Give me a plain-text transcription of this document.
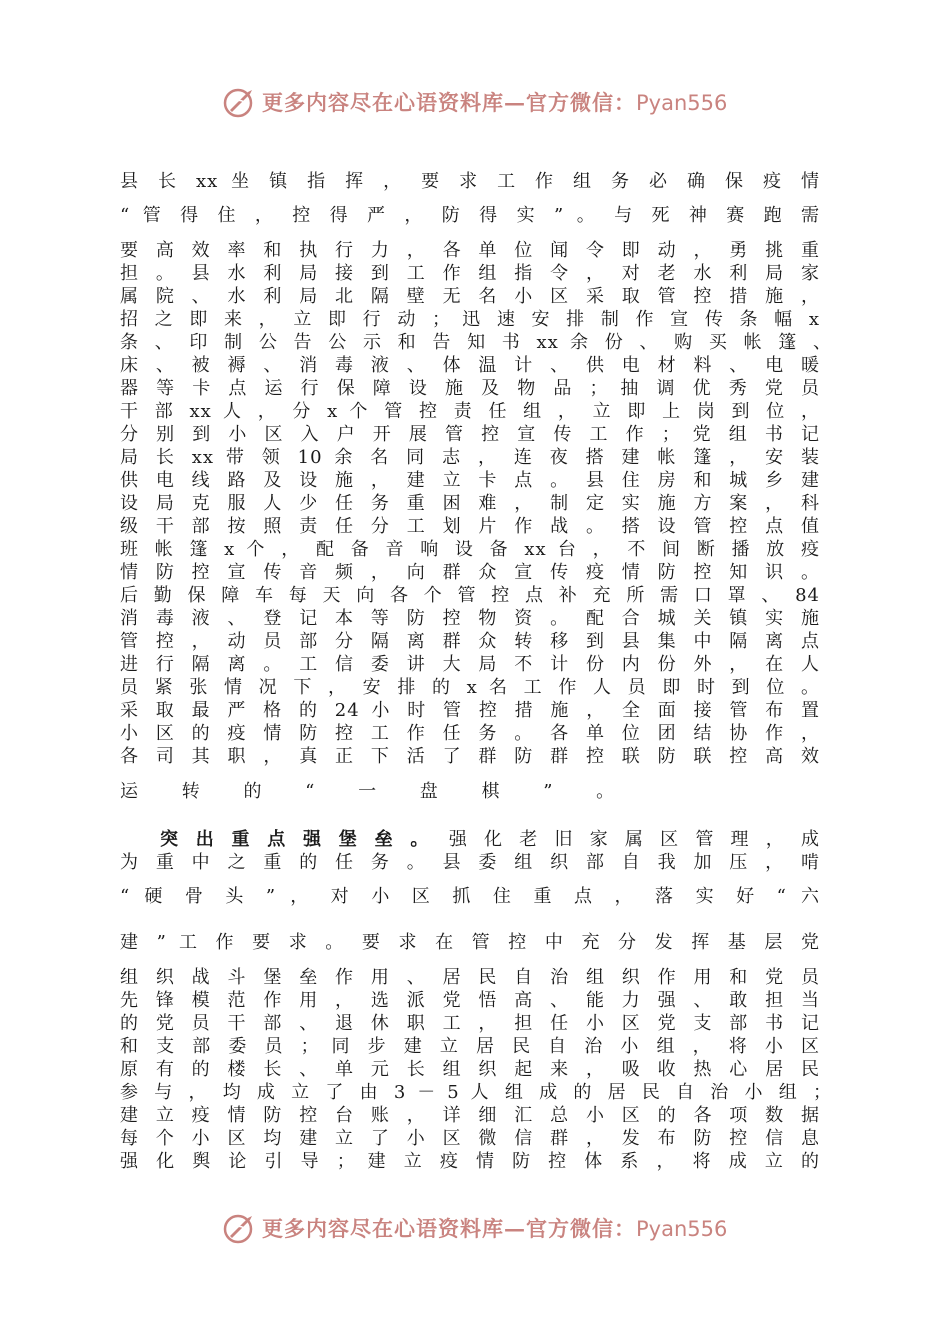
更多内容尽在心语资料库—官方微信：Pyan556
县 长 xx 坐 镇 指 挥 ， 要 求 工 作 组 务 必 确 保 疫 情
“ 管 得 住 ， 控 得 严 ， 防 得 实 ” 。 与 死 神 赛 跑 需
要 高 效 率 和 执 行 力 ， 各 单 位 闻 令 即 动 ， 勇 挑 重
担 。 县 水 利 局 接 到 工 作 组 指 令 ， 对 老 水 利 局 家
属 院 、 水 利 局 北 隔 壁 无 名 小 区 采 取 管 控 措 施 ，
招 之 即 来 ， 立 即 行 动 ； 迅 速 安 排 制 作 宣 传 条 幅 x
条 、 印 制 公 告 公 示 和 告 知 书 xx 余 份 、 购 买 帐 篷 、
床 、 被 褥 、 消 毒 液 、 体 温 计 、 供 电 材 料 、 电 暖
器 等 卡 点 运 行 保 障 设 施 及 物 品 ； 抽 调 优 秀 党 员
干 部 xx 人 ， 分 x 个 管 控 责 任 组 ， 立 即 上 岗 到 位 ，
分 别 到 小 区 入 户 开 展 管 控 宣 传 工 作 ； 党 组 书 记
局 长 xx 带 领 10 余 名 同 志 ， 连 夜 搭 建 帐 篷 ， 安 装
供 电 线 路 及 设 施 ， 建 立 卡 点 。 县 住 房 和 城 乡 建
设 局 克 服 人 少 任 务 重 困 难 ， 制 定 实 施 方 案 ， 科
级 干 部 按 照 责 任 分 工 划 片 作 战 。 搭 设 管 控 点 值
班 帐 篷 x 个 ， 配 备 音 响 设 备 xx 台 ， 不 间 断 播 放 疫
情 防 控 宣 传 音 频 ， 向 群 众 宣 传 疫 情 防 控 知 识 。
后 勤 保 障 车 每 天 向 各 个 管 控 点 补 充 所 需 口 罩 、 84
消 毒 液 、 登 记 本 等 防 控 物 资 。 配 合 城 关 镇 实 施
管 控 ， 动 员 部 分 隔 离 群 众 转 移 到 县 集 中 隔 离 点
进 行 隔 离 。 工 信 委 讲 大 局 不 计 份 内 份 外 ， 在 人
员 紧 张 情 况 下 ， 安 排 的 x 名 工 作 人 员 即 时 到 位 。
采 取 最 严 格 的 24 小 时 管 控 措 施 ， 全 面 接 管 布 置
小 区 的 疫 情 防 控 工 作 任 务 。 各 单 位 团 结 协 作 ，
各 司 其 职 ， 真 正 下 活 了 群 防 群 控 联 防 联 控 高 效
运 转 的 “ 一 盘 棋 ” 。
突 出 重 点 强 堡 垒 。　 强 化 老 旧 家 属 区 管 理 ， 成
为 重 中 之 重 的 任 务 。 县 委 组 织 部 自 我 加 压 ， 啃
“ 硬 骨 头 ” ， 对 小 区 抓 住 重 点 ， 落 实 好 “ 六
建 ” 工 作 要 求 。 要 求 在 管 控 中 充 分 发 挥 基 层 党
组 织 战 斗 堡 垒 作 用 、 居 民 自 治 组 织 作 用 和 党 员
先 锋 模 范 作 用 ， 选 派 党 悟 高 、 能 力 强 、 敢 担 当
的 党 员 干 部 、 退 休 职 工 ， 担 任 小 区 党 支 部 书 记
和 支 部 委 员 ； 同 步 建 立 居 民 自 治 小 组 ， 将 小 区
原 有 的 楼 长 、 单 元 长 组 织 起 来 ， 吸 收 热 心 居 民
参 与 ， 均 成 立 了 由 3 － 5 人 组 成 的 居 民 自 治 小 组 ；
建 立 疫 情 防 控 台 账 ， 详 细 汇 总 小 区 的 各 项 数 据
每 个 小 区 均 建 立 了 小 区 微 信 群 ， 发 布 防 控 信 息
强 化 舆 论 引 导 ； 建 立 疫 情 防 控 体 系 ， 将 成 立 的
更多内容尽在心语资料库—官方微信：Pyan556
